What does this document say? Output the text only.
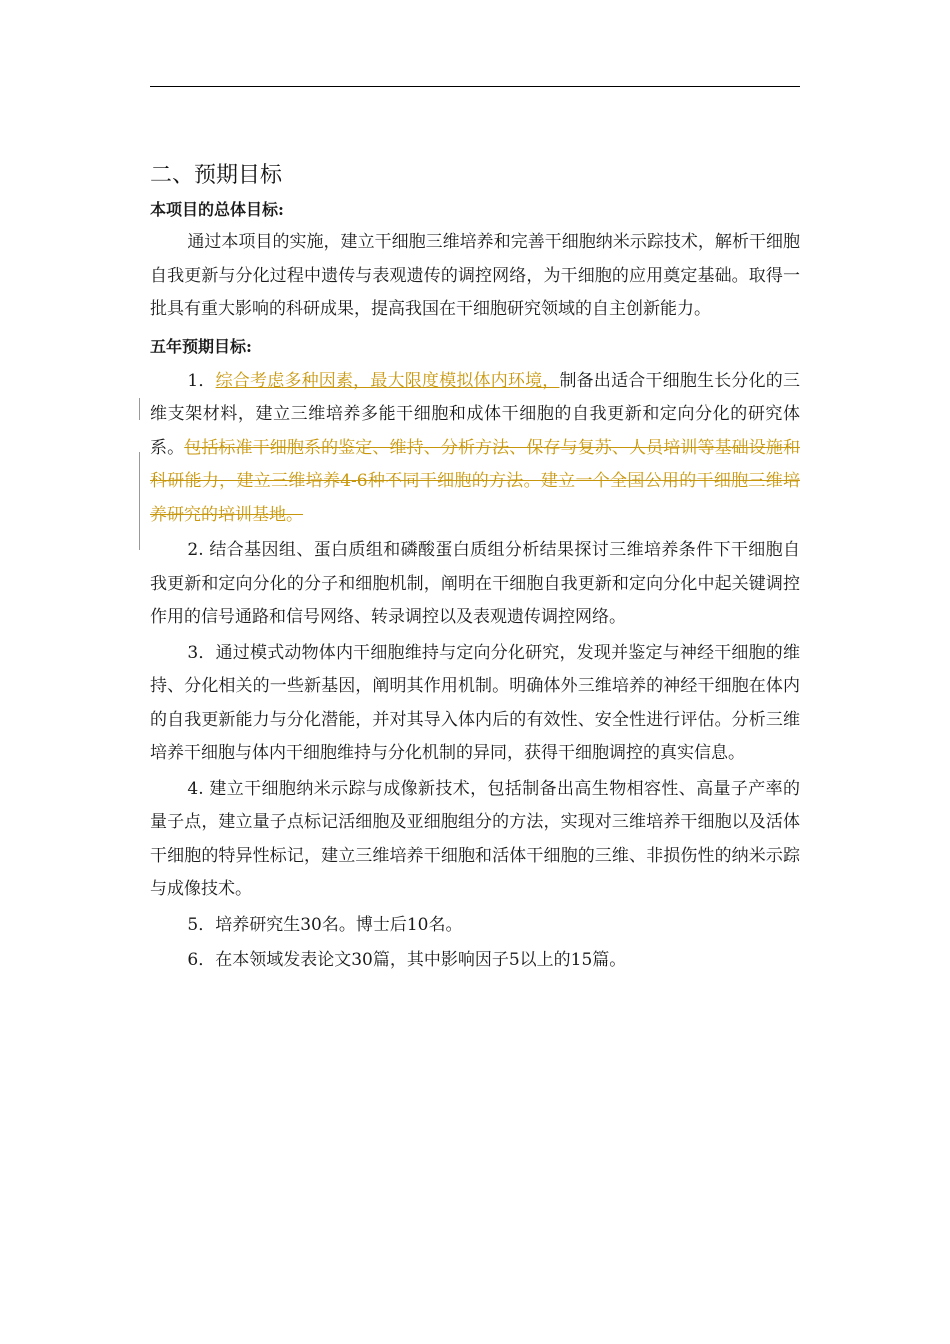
二、预期目标

本项目的总体目标:

通过本项目的实施，建立干细胞三维培养和完善干细胞纳米示踪技术，解析干细胞自我更新与分化过程中遗传与表观遗传的调控网络，为干细胞的应用奠定基础。取得一批具有重大影响的科研成果，提高我国在干细胞研究领域的自主创新能力。

五年预期目标:

1．综合考虑多种因素，最大限度模拟体内环境，制备出适合干细胞生长分化的三维支架材料，建立三维培养多能干细胞和成体干细胞的自我更新和定向分化的研究体系。包括标准干细胞系的鉴定、维持、分析方法、保存与复苏、人员培训等基础设施和科研能力，建立三维培养4-6种不同干细胞的方法。建立一个全国公用的干细胞三维培养研究的培训基地。

2. 结合基因组、蛋白质组和磷酸蛋白质组分析结果探讨三维培养条件下干细胞自我更新和定向分化的分子和细胞机制，阐明在干细胞自我更新和定向分化中起关键调控作用的信号通路和信号网络、转录调控以及表观遗传调控网络。

3．通过模式动物体内干细胞维持与定向分化研究，发现并鉴定与神经干细胞的维持、分化相关的一些新基因，阐明其作用机制。明确体外三维培养的神经干细胞在体内的自我更新能力与分化潜能，并对其导入体内后的有效性、安全性进行评估。分析三维培养干细胞与体内干细胞维持与分化机制的异同，获得干细胞调控的真实信息。

4. 建立干细胞纳米示踪与成像新技术，包括制备出高生物相容性、高量子产率的量子点，建立量子点标记活细胞及亚细胞组分的方法，实现对三维培养干细胞以及活体干细胞的特异性标记，建立三维培养干细胞和活体干细胞的三维、非损伤性的纳米示踪与成像技术。

5．培养研究生30名。博士后10名。

6．在本领域发表论文30篇，其中影响因子5以上的15篇。
